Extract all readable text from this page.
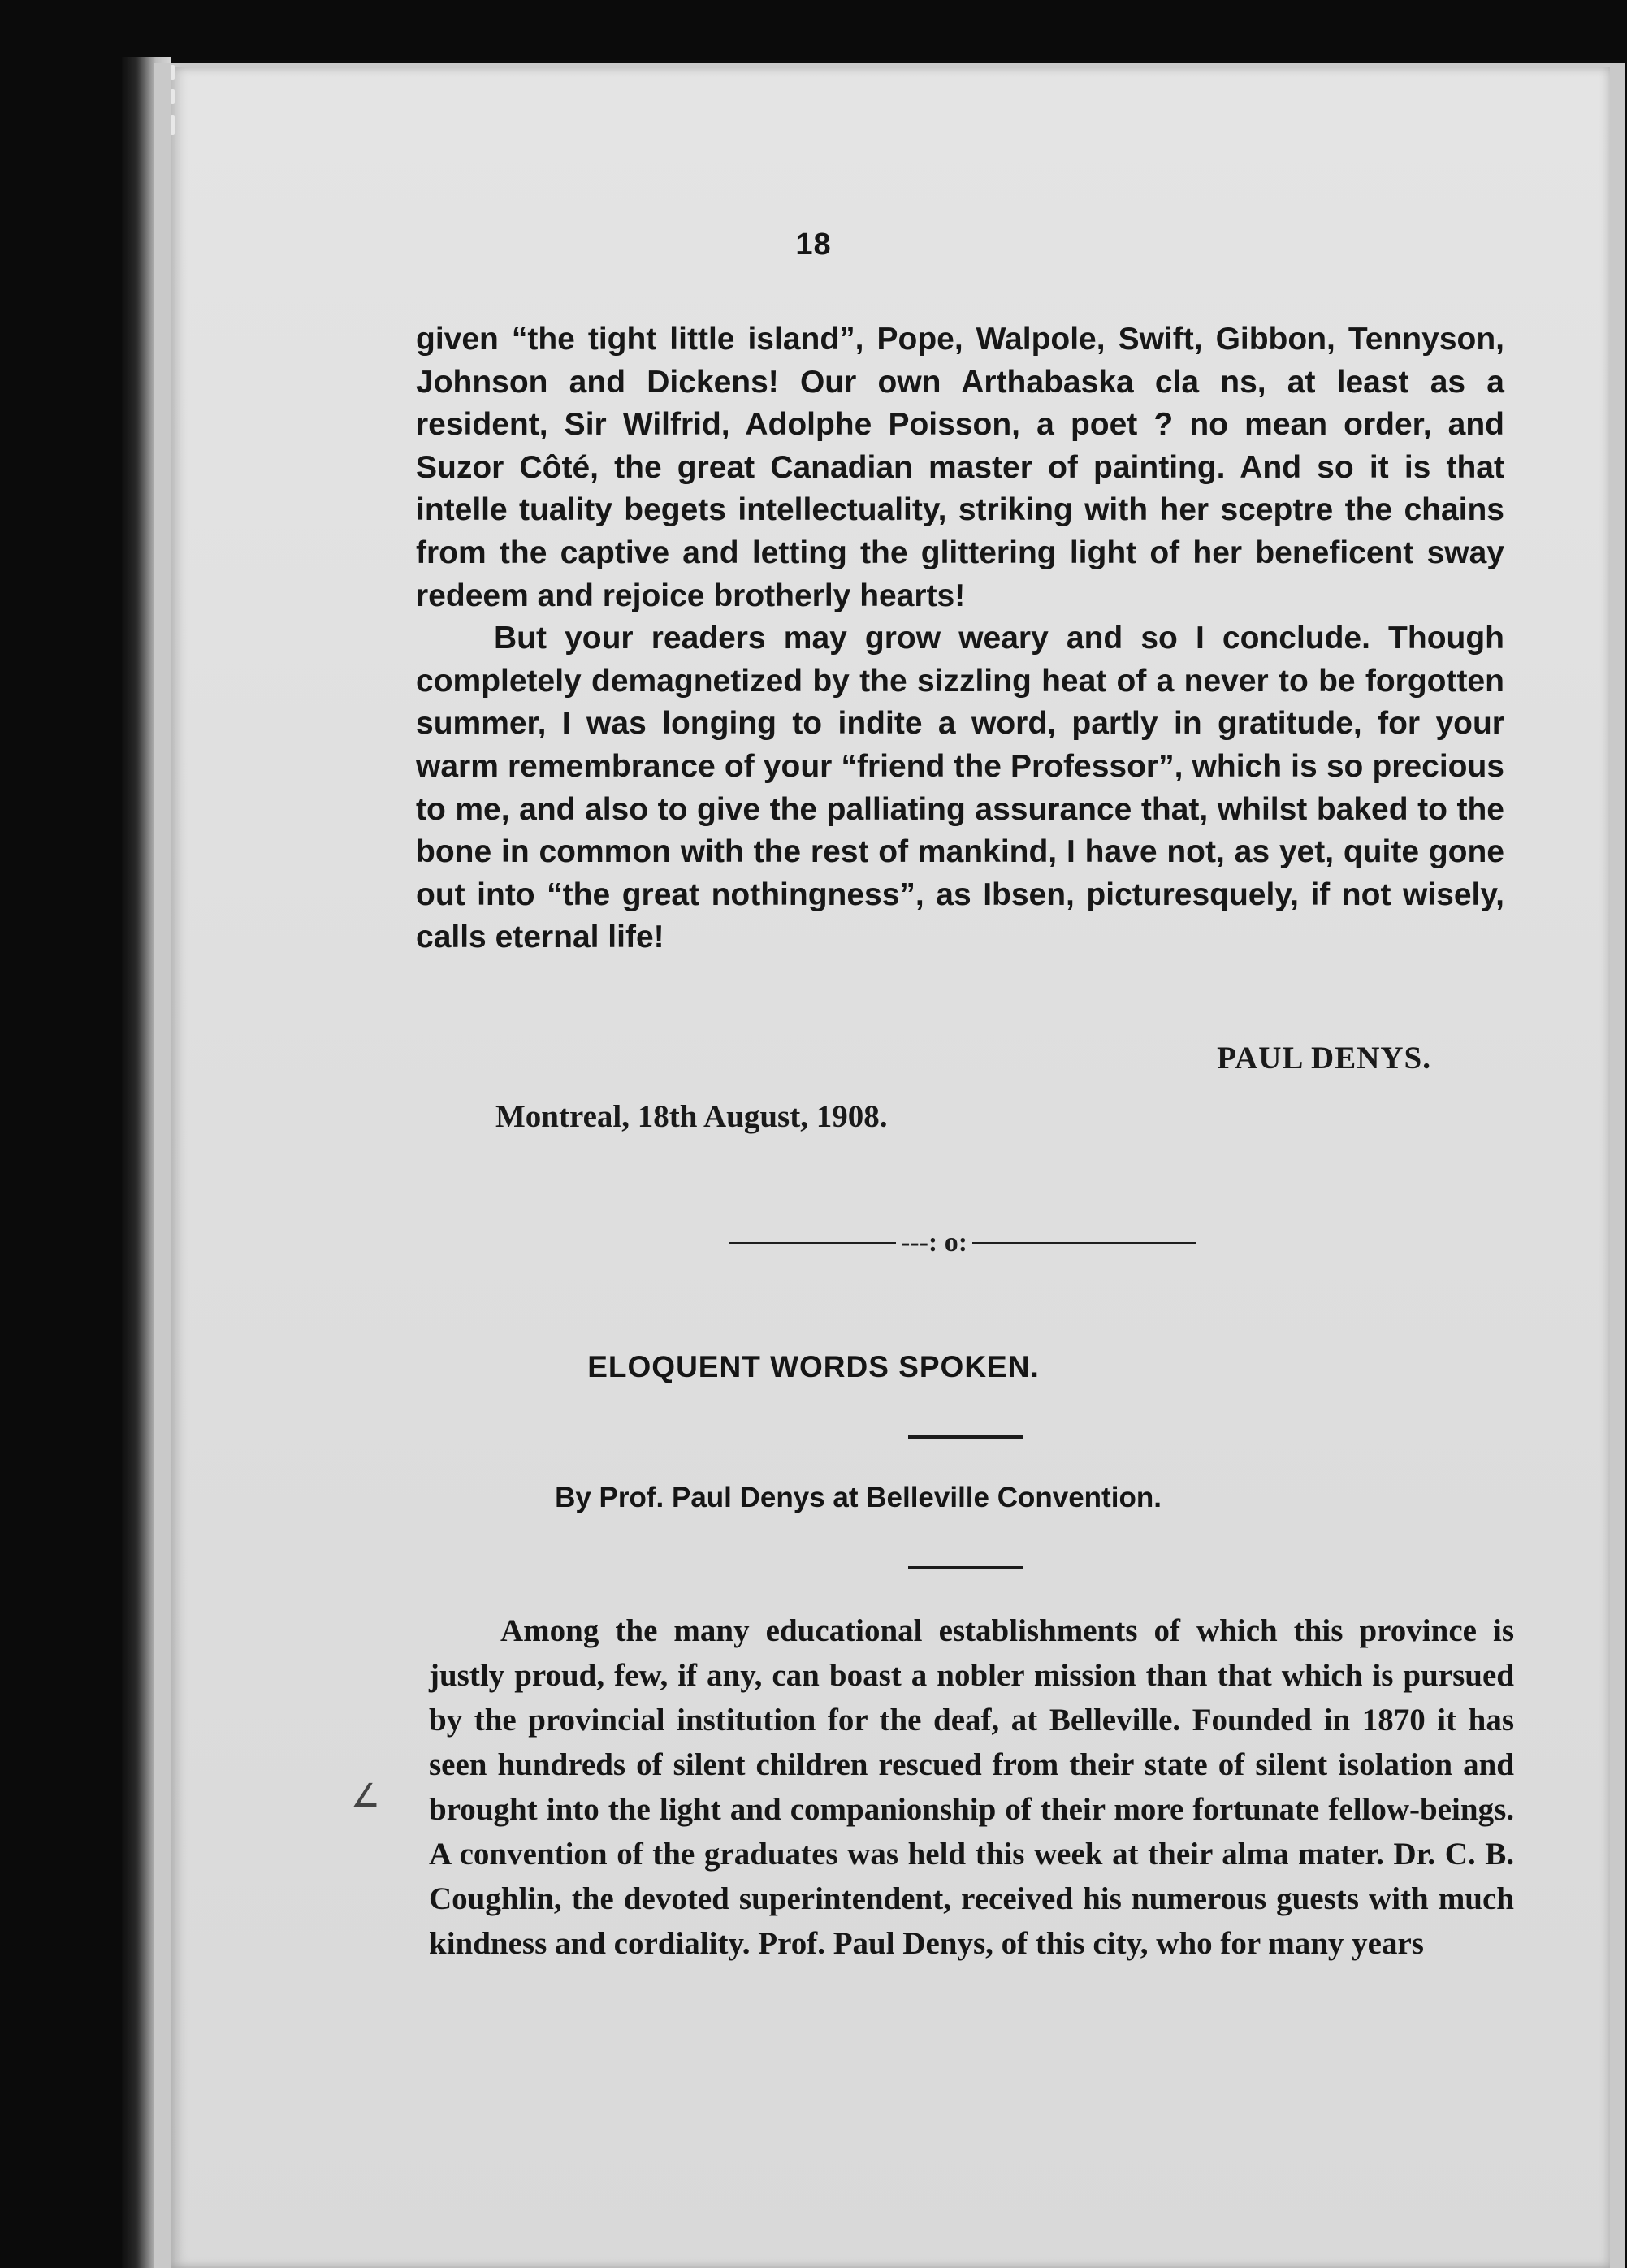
18

given “the tight little island”, Pope, Walpole, Swift, Gibbon, Tennyson, Johnson and Dickens! Our own Arthabaska cla ns, at least as a resident, Sir Wilfrid, Adolphe Poisson, a poet ? no mean order, and Suzor Côté, the great Canadian master of painting. And so it is that intelle tuality begets intellectuality, striking with her sceptre the chains from the captive and letting the glittering light of her beneficent sway redeem and rejoice brotherly hearts!

But your readers may grow weary and so I conclude. Though completely demagnetized by the sizzling heat of a never to be forgotten summer, I was longing to indite a word, partly in gratitude, for your warm remembrance of your “friend the Professor”, which is so precious to me, and also to give the palliating assurance that, whilst baked to the bone in common with the rest of mankind, I have not, as yet, quite gone out into “the great nothingness”, as Ibsen, picturesquely, if not wisely, calls eternal life!

PAUL DENYS.
Montreal, 18th August, 1908.
---: o:
ELOQUENT WORDS SPOKEN.
By Prof. Paul Denys at Belleville Convention.

Among the many educational establishments of which this province is justly proud, few, if any, can boast a nobler mission than that which is pursued by the provincial institution for the deaf, at Belleville. Founded in 1870 it has seen hundreds of silent children rescued from their state of silent isolation and brought into the light and companionship of their more fortunate fellow-beings. A convention of the graduates was held this week at their alma mater. Dr. C. B. Coughlin, the devoted superintendent, received his numerous guests with much kindness and cordiality. Prof. Paul Denys, of this city, who for many years

∠
